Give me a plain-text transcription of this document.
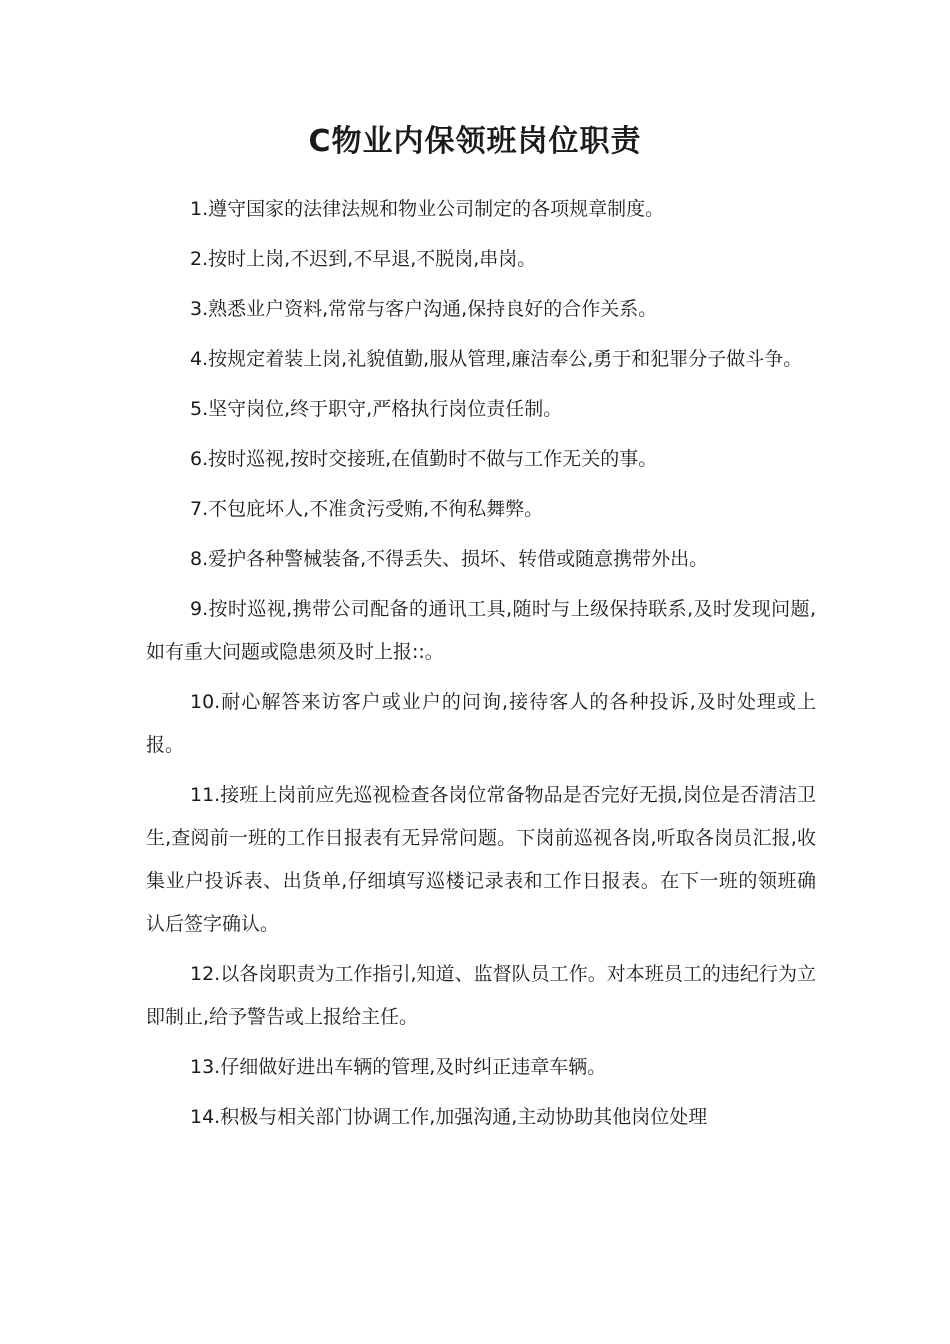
C物业内保领班岗位职责

1.遵守国家的法律法规和物业公司制定的各项规章制度。

2.按时上岗,不迟到,不早退,不脱岗,串岗。

3.熟悉业户资料,常常与客户沟通,保持良好的合作关系。

4.按规定着装上岗,礼貌值勤,服从管理,廉洁奉公,勇于和犯罪分子做斗争。

5.坚守岗位,终于职守,严格执行岗位责任制。

6.按时巡视,按时交接班,在值勤时不做与工作无关的事。

7.不包庇坏人,不准贪污受贿,不徇私舞弊。

8.爱护各种警械装备,不得丢失、损坏、转借或随意携带外出。

9.按时巡视,携带公司配备的通讯工具,随时与上级保持联系,及时发现问题,如有重大问题或隐患须及时上报::。

10.耐心解答来访客户或业户的问询,接待客人的各种投诉,及时处理或上报。

11.接班上岗前应先巡视检查各岗位常备物品是否完好无损,岗位是否清洁卫生,查阅前一班的工作日报表有无异常问题。下岗前巡视各岗,听取各岗员汇报,收集业户投诉表、出货单,仔细填写巡楼记录表和工作日报表。在下一班的领班确认后签字确认。

12.以各岗职责为工作指引,知道、监督队员工作。对本班员工的违纪行为立即制止,给予警告或上报给主任。

13.仔细做好进出车辆的管理,及时纠正违章车辆。

14.积极与相关部门协调工作,加强沟通,主动协助其他岗位处理
